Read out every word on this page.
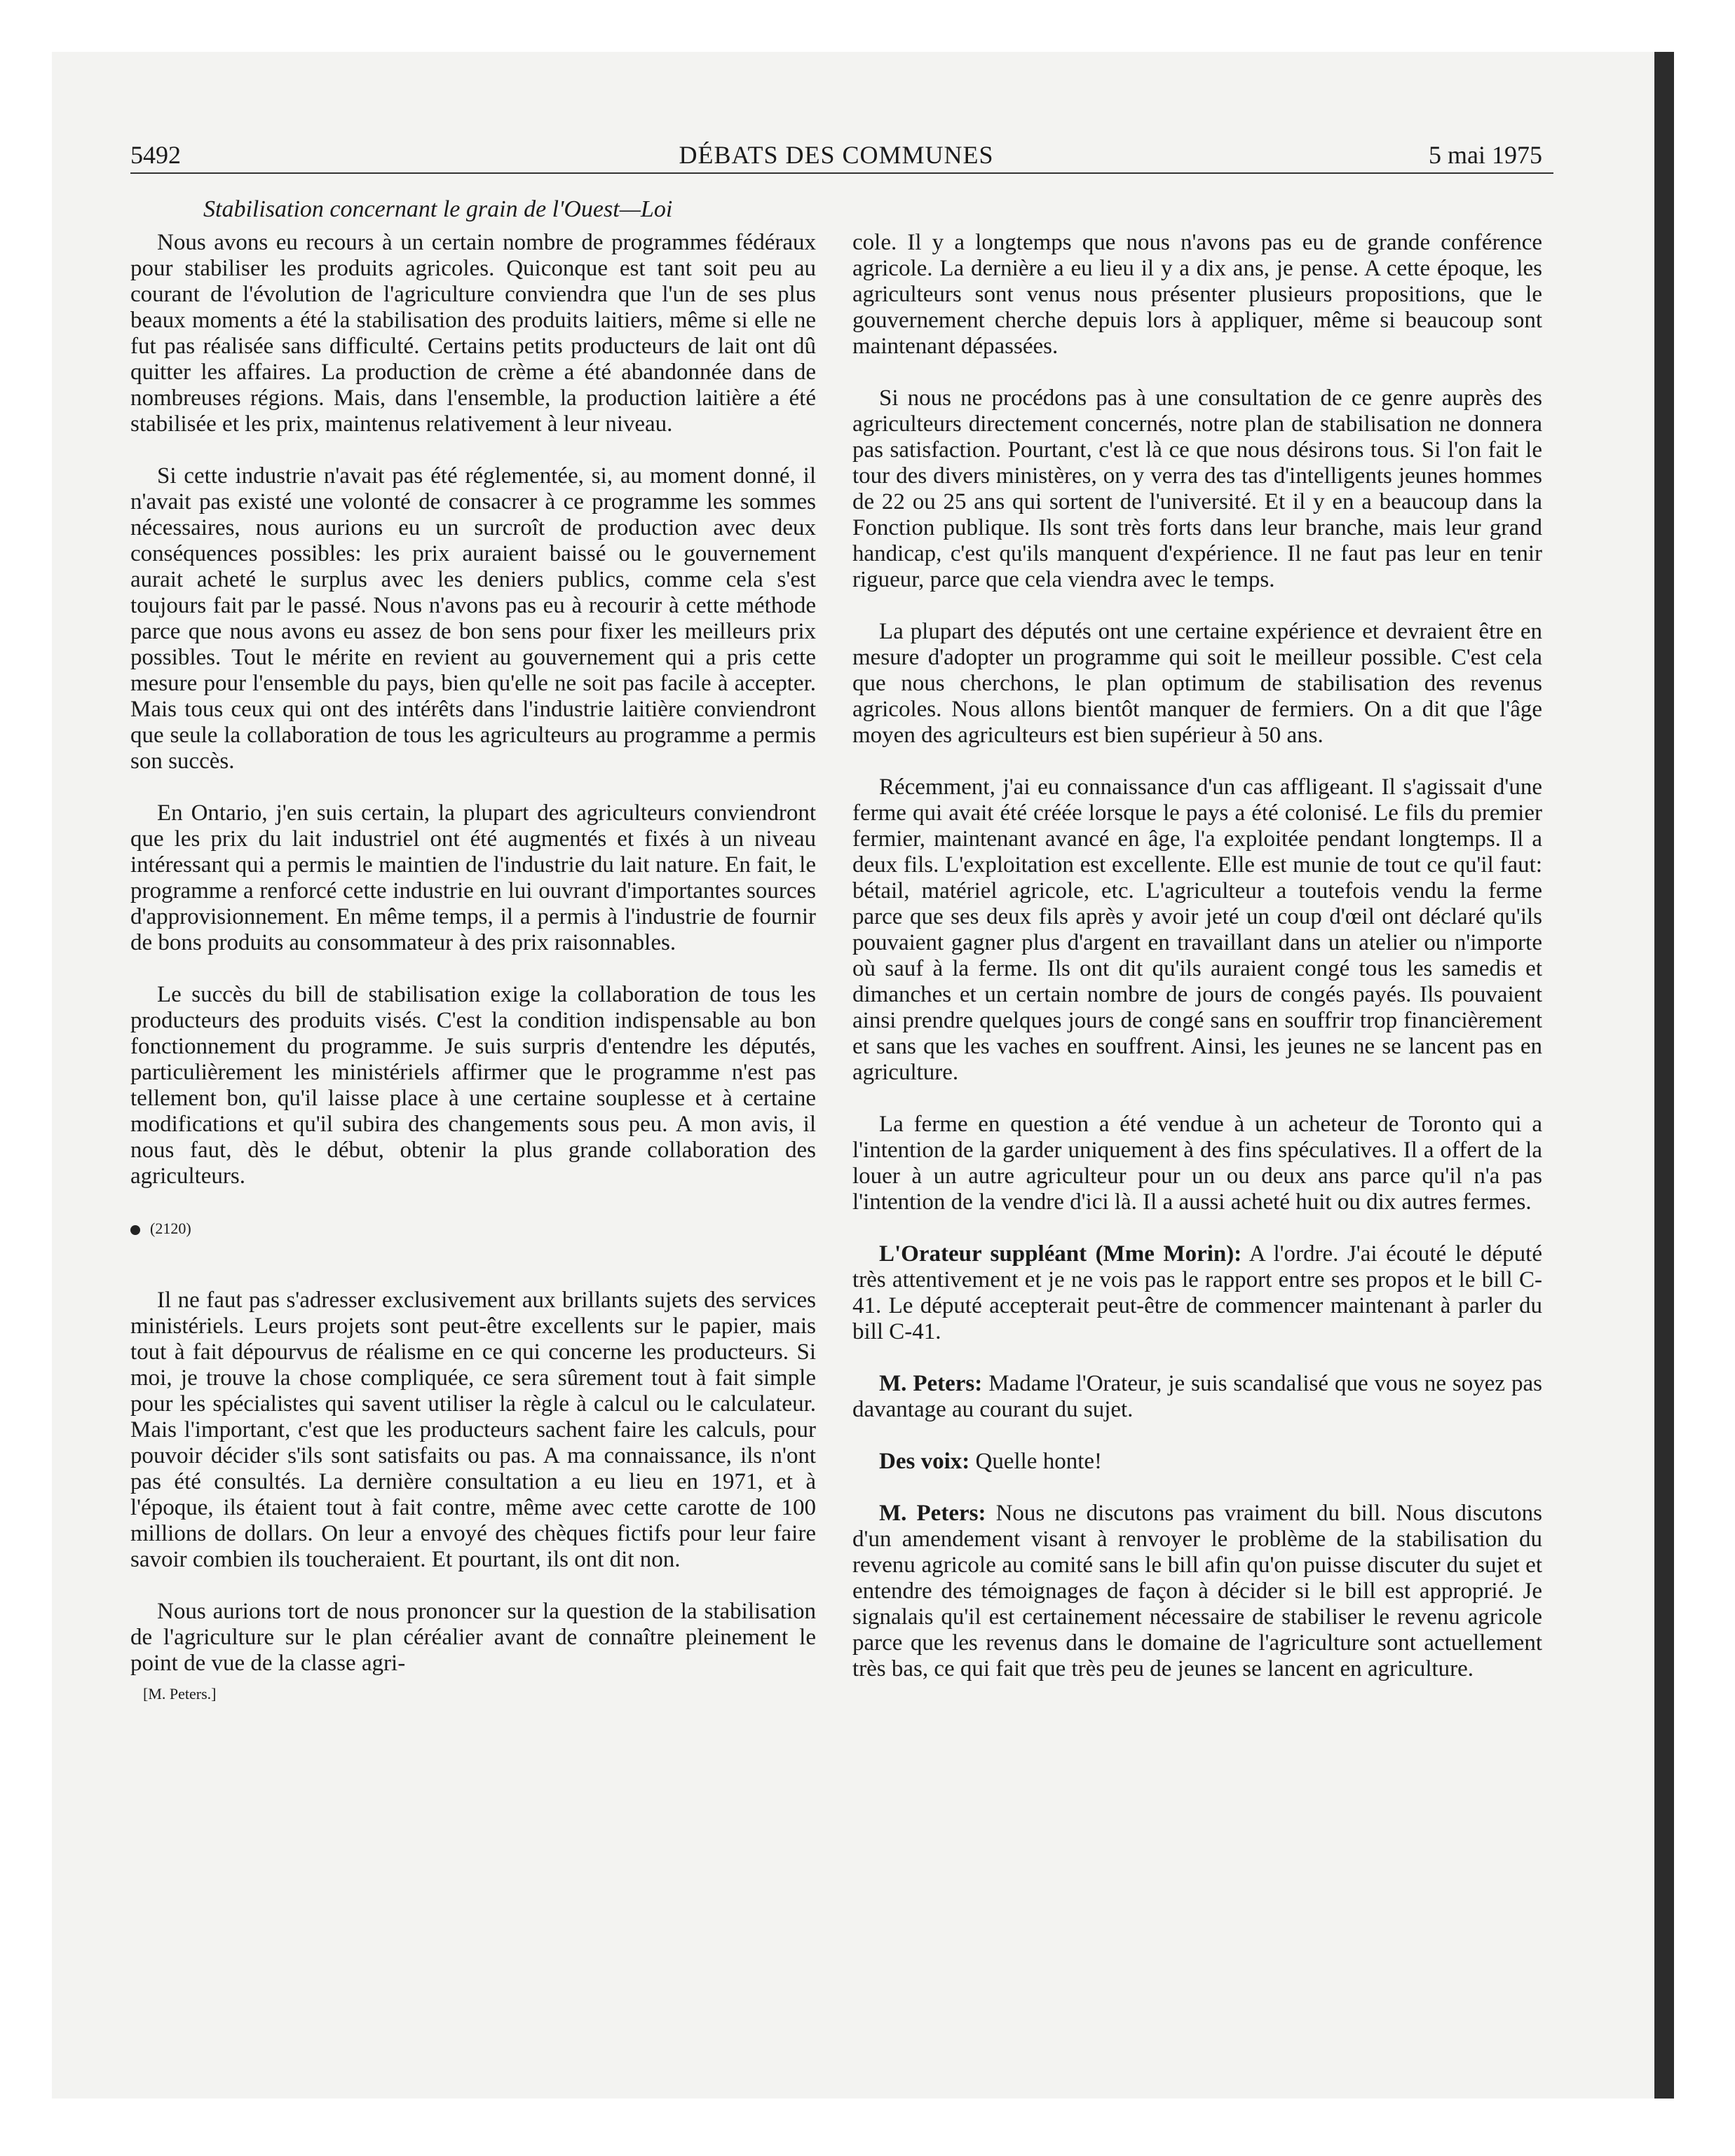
5492	DÉBATS DES COMMUNES	5 mai 1975
Stabilisation concernant le grain de l'Ouest—Loi

Nous avons eu recours à un certain nombre de programmes fédéraux pour stabiliser les produits agricoles. Quiconque est tant soit peu au courant de l'évolution de l'agriculture conviendra que l'un de ses plus beaux moments a été la stabilisation des produits laitiers, même si elle ne fut pas réalisée sans difficulté. Certains petits producteurs de lait ont dû quitter les affaires. La production de crème a été abandonnée dans de nombreuses régions. Mais, dans l'ensemble, la production laitière a été stabilisée et les prix, maintenus relativement à leur niveau.

Si cette industrie n'avait pas été réglementée, si, au moment donné, il n'avait pas existé une volonté de consacrer à ce programme les sommes nécessaires, nous aurions eu un surcroît de production avec deux conséquences possibles: les prix auraient baissé ou le gouvernement aurait acheté le surplus avec les deniers publics, comme cela s'est toujours fait par le passé. Nous n'avons pas eu à recourir à cette méthode parce que nous avons eu assez de bon sens pour fixer les meilleurs prix possibles. Tout le mérite en revient au gouvernement qui a pris cette mesure pour l'ensemble du pays, bien qu'elle ne soit pas facile à accepter. Mais tous ceux qui ont des intérêts dans l'industrie laitière conviendront que seule la collaboration de tous les agriculteurs au programme a permis son succès.

En Ontario, j'en suis certain, la plupart des agriculteurs conviendront que les prix du lait industriel ont été augmentés et fixés à un niveau intéressant qui a permis le maintien de l'industrie du lait nature. En fait, le programme a renforcé cette industrie en lui ouvrant d'importantes sources d'approvisionnement. En même temps, il a permis à l'industrie de fournir de bons produits au consommateur à des prix raisonnables.

Le succès du bill de stabilisation exige la collaboration de tous les producteurs des produits visés. C'est la condition indispensable au bon fonctionnement du programme. Je suis surpris d'entendre les députés, particulièrement les ministériels affirmer que le programme n'est pas tellement bon, qu'il laisse place à une certaine souplesse et à certaine modifications et qu'il subira des changements sous peu. A mon avis, il nous faut, dès le début, obtenir la plus grande collaboration des agriculteurs.

(2120)

Il ne faut pas s'adresser exclusivement aux brillants sujets des services ministériels. Leurs projets sont peut-être excellents sur le papier, mais tout à fait dépourvus de réalisme en ce qui concerne les producteurs. Si moi, je trouve la chose compliquée, ce sera sûrement tout à fait simple pour les spécialistes qui savent utiliser la règle à calcul ou le calculateur. Mais l'important, c'est que les producteurs sachent faire les calculs, pour pouvoir décider s'ils sont satisfaits ou pas. A ma connaissance, ils n'ont pas été consultés. La dernière consultation a eu lieu en 1971, et à l'époque, ils étaient tout à fait contre, même avec cette carotte de 100 millions de dollars. On leur a envoyé des chèques fictifs pour leur faire savoir combien ils toucheraient. Et pourtant, ils ont dit non.

Nous aurions tort de nous prononcer sur la question de la stabilisation de l'agriculture sur le plan céréalier avant de connaître pleinement le point de vue de la classe agri-

[M. Peters.]

cole. Il y a longtemps que nous n'avons pas eu de grande conférence agricole. La dernière a eu lieu il y a dix ans, je pense. A cette époque, les agriculteurs sont venus nous présenter plusieurs propositions, que le gouvernement cherche depuis lors à appliquer, même si beaucoup sont maintenant dépassées.

Si nous ne procédons pas à une consultation de ce genre auprès des agriculteurs directement concernés, notre plan de stabilisation ne donnera pas satisfaction. Pourtant, c'est là ce que nous désirons tous. Si l'on fait le tour des divers ministères, on y verra des tas d'intelligents jeunes hommes de 22 ou 25 ans qui sortent de l'université. Et il y en a beaucoup dans la Fonction publique. Ils sont très forts dans leur branche, mais leur grand handicap, c'est qu'ils manquent d'expérience. Il ne faut pas leur en tenir rigueur, parce que cela viendra avec le temps.

La plupart des députés ont une certaine expérience et devraient être en mesure d'adopter un programme qui soit le meilleur possible. C'est cela que nous cherchons, le plan optimum de stabilisation des revenus agricoles. Nous allons bientôt manquer de fermiers. On a dit que l'âge moyen des agriculteurs est bien supérieur à 50 ans.

Récemment, j'ai eu connaissance d'un cas affligeant. Il s'agissait d'une ferme qui avait été créée lorsque le pays a été colonisé. Le fils du premier fermier, maintenant avancé en âge, l'a exploitée pendant longtemps. Il a deux fils. L'exploitation est excellente. Elle est munie de tout ce qu'il faut: bétail, matériel agricole, etc. L'agriculteur a toutefois vendu la ferme parce que ses deux fils après y avoir jeté un coup d'œil ont déclaré qu'ils pouvaient gagner plus d'argent en travaillant dans un atelier ou n'importe où sauf à la ferme. Ils ont dit qu'ils auraient congé tous les samedis et dimanches et un certain nombre de jours de congés payés. Ils pouvaient ainsi prendre quelques jours de congé sans en souffrir trop financièrement et sans que les vaches en souffrent. Ainsi, les jeunes ne se lancent pas en agriculture.

La ferme en question a été vendue à un acheteur de Toronto qui a l'intention de la garder uniquement à des fins spéculatives. Il a offert de la louer à un autre agriculteur pour un ou deux ans parce qu'il n'a pas l'intention de la vendre d'ici là. Il a aussi acheté huit ou dix autres fermes.

L'Orateur suppléant (Mme Morin): A l'ordre. J'ai écouté le député très attentivement et je ne vois pas le rapport entre ses propos et le bill C-41. Le député accepterait peut-être de commencer maintenant à parler du bill C-41.

M. Peters: Madame l'Orateur, je suis scandalisé que vous ne soyez pas davantage au courant du sujet.

Des voix: Quelle honte!

M. Peters: Nous ne discutons pas vraiment du bill. Nous discutons d'un amendement visant à renvoyer le problème de la stabilisation du revenu agricole au comité sans le bill afin qu'on puisse discuter du sujet et entendre des témoignages de façon à décider si le bill est approprié. Je signalais qu'il est certainement nécessaire de stabiliser le revenu agricole parce que les revenus dans le domaine de l'agriculture sont actuellement très bas, ce qui fait que très peu de jeunes se lancent en agriculture.
